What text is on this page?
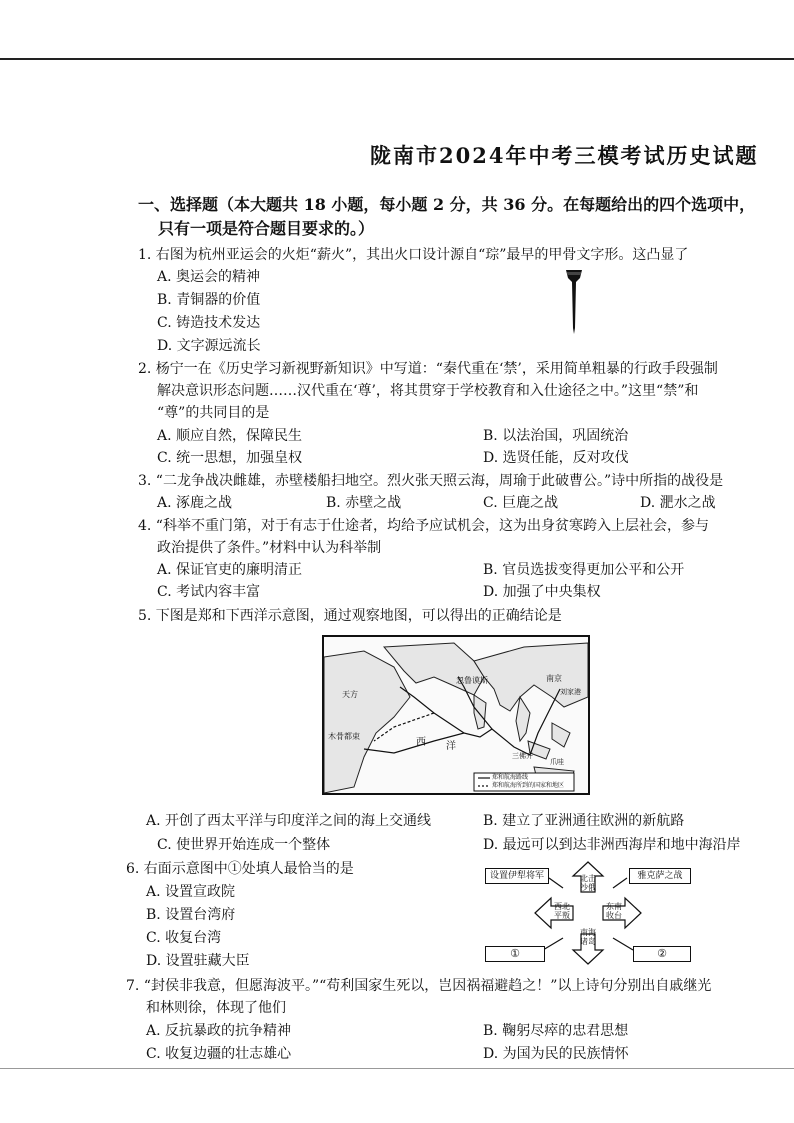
陇南市2024年中考三模考试历史试题
一、选择题（本大题共 18 小题，每小题 2 分，共 36 分。在每题给出的四个选项中，
只有一项是符合题目要求的。）
1. 右图为杭州亚运会的火炬“薪火”，其出火口设计源自“琮”最早的甲骨文字形。这凸显了
A. 奥运会的精神
B. 青铜器的价值
C. 铸造技术发达
D. 文字源远流长
2. 杨宁一在《历史学习新视野新知识》中写道：“秦代重在‘禁’，采用简单粗暴的行政手段强制
解决意识形态问题……汉代重在‘尊’，将其贯穿于学校教育和入仕途径之中。”这里“禁”和
“尊”的共同目的是
A. 顺应自然，保障民生	B. 以法治国，巩固统治
C. 统一思想，加强皇权	D. 选贤任能，反对攻伐
3. “二龙争战决雌雄，赤壁楼船扫地空。烈火张天照云海，周瑜于此破曹公。”诗中所指的战役是
A. 涿鹿之战	B. 赤壁之战	C. 巨鹿之战	D. 淝水之战
4. “科举不重门第，对于有志于仕途者，均给予应试机会，这为出身贫寒跨入上层社会，参与
政治提供了条件。”材料中认为科举制
A. 保证官吏的廉明清正	B. 官员选拔变得更加公平和公开
C. 考试内容丰富	D. 加强了中央集权
5. 下图是郑和下西洋示意图，通过观察地图，可以得出的正确结论是
天方
木骨都束
忽鲁谟斯
西 洋
南京
刘家港
三佛齐
爪哇
郑和航海路线
郑和航海所到的国家和地区
A. 开创了西太平洋与印度洋之间的海上交通线	B. 建立了亚洲通往欧洲的新航路
C. 使世界开始连成一个整体	D. 最远可以到达非洲西海岸和地中海沿岸
6. 右面示意图中①处填人最恰当的是
A. 设置宣政院
B. 设置台湾府
C. 收复台湾
D. 设置驻藏大臣
设置伊犁将军	雅克萨之战
北击沙俄
西北平叛
东南收台
南海诸岛
①	②
7. “封侯非我意，但愿海波平。”“苟利国家生死以，岂因祸福避趋之！”以上诗句分别出自戚继光
和林则徐，体现了他们
A. 反抗暴政的抗争精神	B. 鞠躬尽瘁的忠君思想
C. 收复边疆的壮志雄心	D. 为国为民的民族情怀
